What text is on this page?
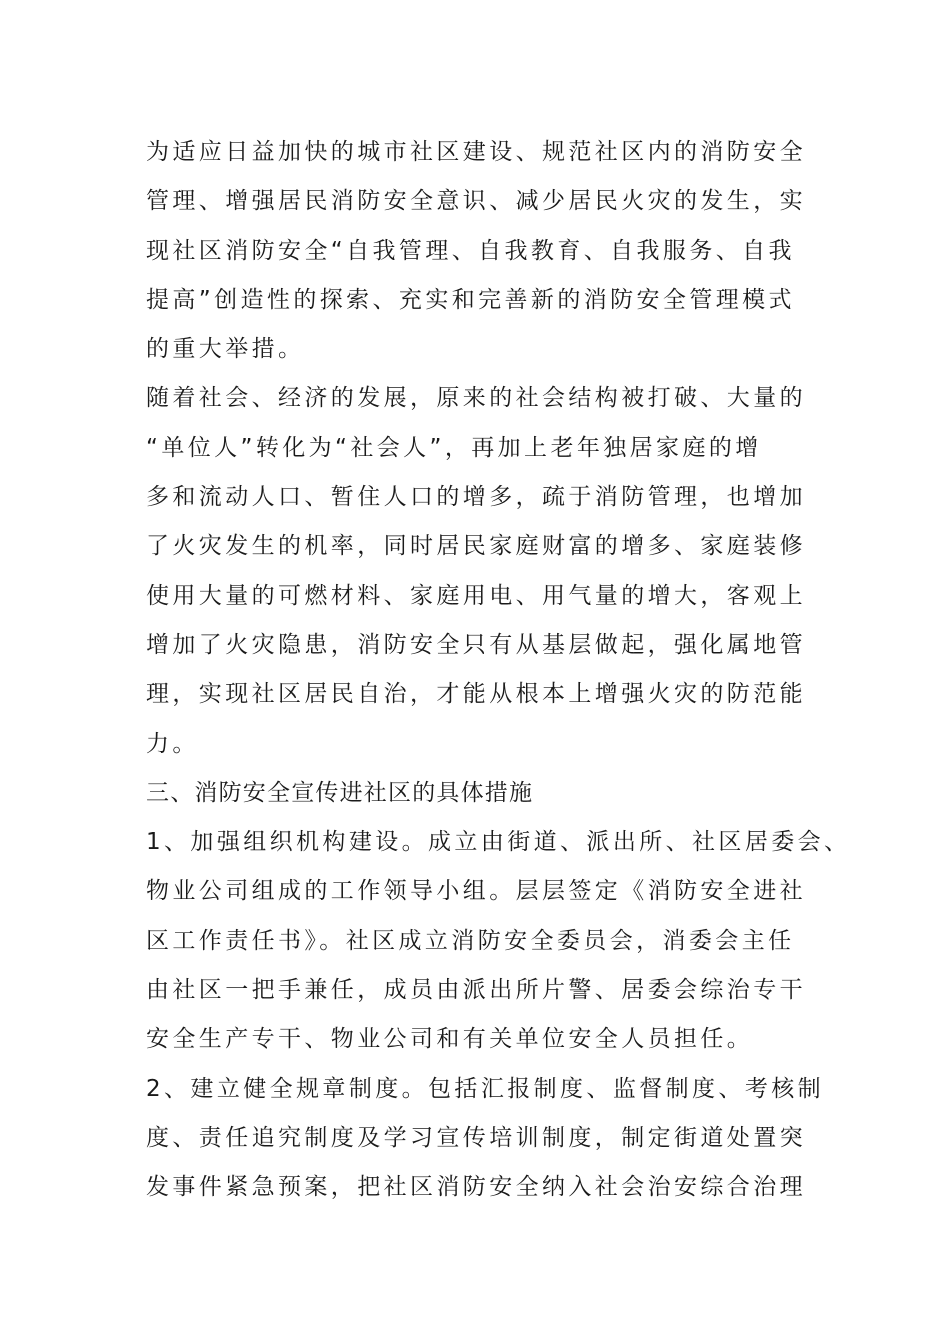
为适应日益加快的城市社区建设、规范社区内的消防安全
管理、增强居民消防安全意识、减少居民火灾的发生，实
现社区消防安全“自我管理、自我教育、自我服务、自我
提高”创造性的探索、充实和完善新的消防安全管理模式
的重大举措。
随着社会、经济的发展，原来的社会结构被打破、大量的
“单位人”转化为“社会人”，再加上老年独居家庭的增
多和流动人口、暂住人口的增多，疏于消防管理，也增加
了火灾发生的机率，同时居民家庭财富的增多、家庭装修
使用大量的可燃材料、家庭用电、用气量的增大，客观上
增加了火灾隐患，消防安全只有从基层做起，强化属地管
理，实现社区居民自治，才能从根本上增强火灾的防范能
力。
三、消防安全宣传进社区的具体措施
1、加强组织机构建设。成立由街道、派出所、社区居委会、
物业公司组成的工作领导小组。层层签定《消防安全进社
区工作责任书》。社区成立消防安全委员会，消委会主任
由社区一把手兼任，成员由派出所片警、居委会综治专干
安全生产专干、物业公司和有关单位安全人员担任。
2、建立健全规章制度。包括汇报制度、监督制度、考核制
度、责任追究制度及学习宣传培训制度，制定街道处置突
发事件紧急预案，把社区消防安全纳入社会治安综合治理
